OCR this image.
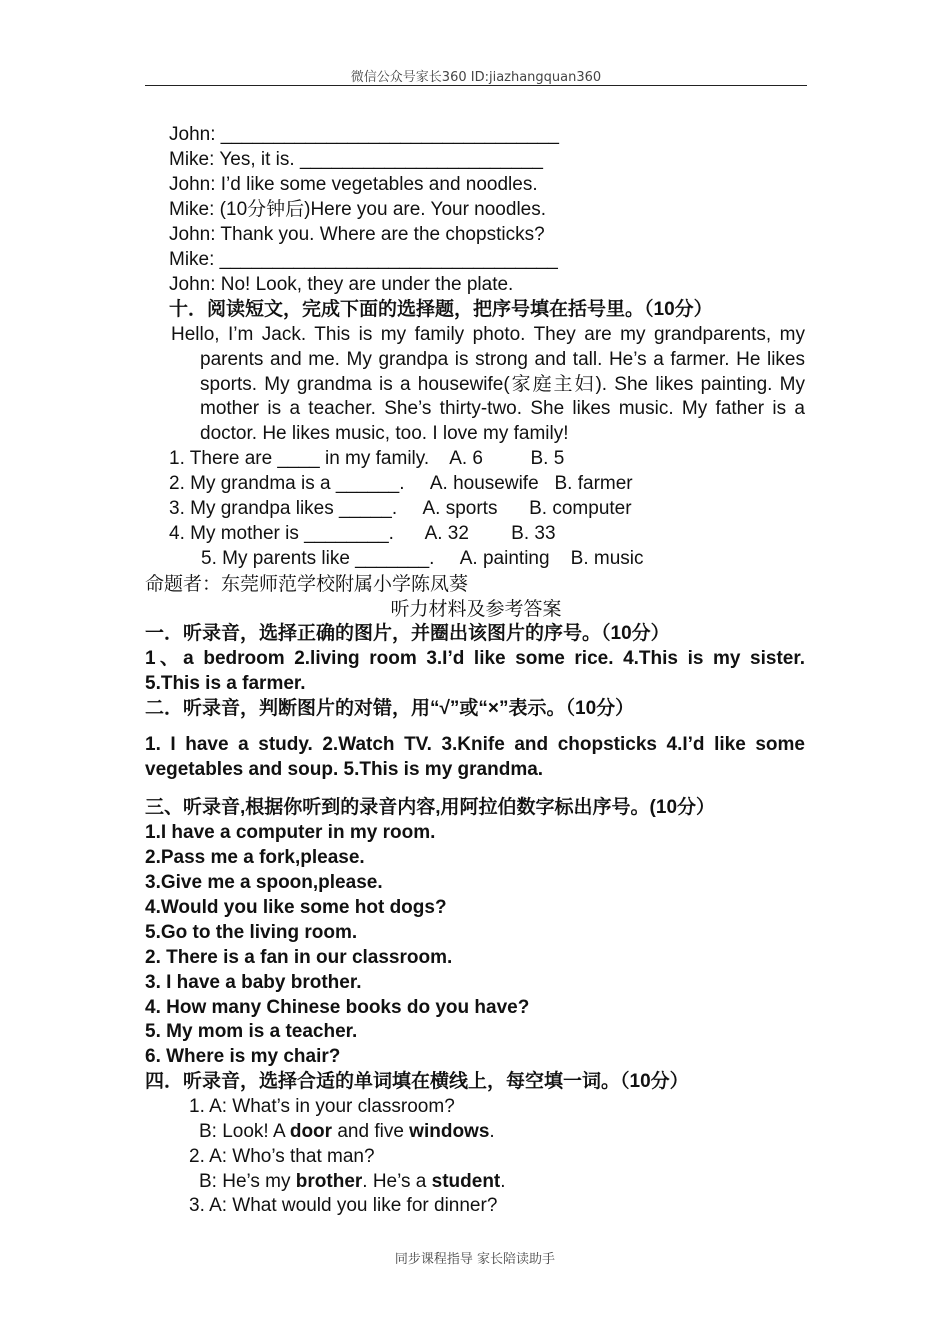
微信公众号家长360 ID:jiazhangquan360
John: ________________________________
Mike: Yes, it is. _______________________
John: I’d like some vegetables and noodles.
Mike: (10分钟后)Here you are. Your noodles.
John: Thank you. Where are the chopsticks?
Mike: ________________________________
John: No! Look, they are under the plate.
十．阅读短文，完成下面的选择题，把序号填在括号里。（10分）
Hello, I’m Jack. This is my family photo. They are my grandparents, my parents and me. My grandpa is strong and tall. He’s a farmer. He likes sports. My grandma is a housewife(家庭主妇). She likes painting. My mother is a teacher. She’s thirty-two. She likes music. My father is a doctor. He likes music, too. I love my family!
1. There are ____ in my family.    A. 6         B. 5
2. My grandma is a ______.     A. housewife   B. farmer
3. My grandpa likes _____.     A. sports      B. computer
4. My mother is ________.      A. 32        B. 33
5. My parents like _______.     A. painting    B. music
命题者：东莞师范学校附属小学陈凤葵
听力材料及参考答案
一．听录音，选择正确的图片，并圈出该图片的序号。（10分）
1、a bedroom 2.living room 3.I’d like some rice. 4.This is my sister. 5.This is a farmer.
二．听录音，判断图片的对错，用“√”或“×”表示。（10分）
1. I have a study. 2.Watch TV. 3.Knife and chopsticks 4.I’d like some vegetables and soup. 5.This is my grandma.
三、听录音,根据你听到的录音内容,用阿拉伯数字标出序号。(10分）
1.I have a computer in my room.
2.Pass me a fork,please.
3.Give me a spoon,please.
4.Would you like some hot dogs?
5.Go to the living room.
2. There is a fan in our classroom.
3. I have a baby brother.
4. How many Chinese books do you have?
5. My mom is a teacher.
6. Where is my chair?
四．听录音，选择合适的单词填在横线上，每空填一词。（10分）
1. A: What’s in your classroom?
B: Look! A door and five windows.
2. A: Who’s that man?
B: He’s my brother. He’s a student.
3. A: What would you like for dinner?
同步课程指导 家长陪读助手
